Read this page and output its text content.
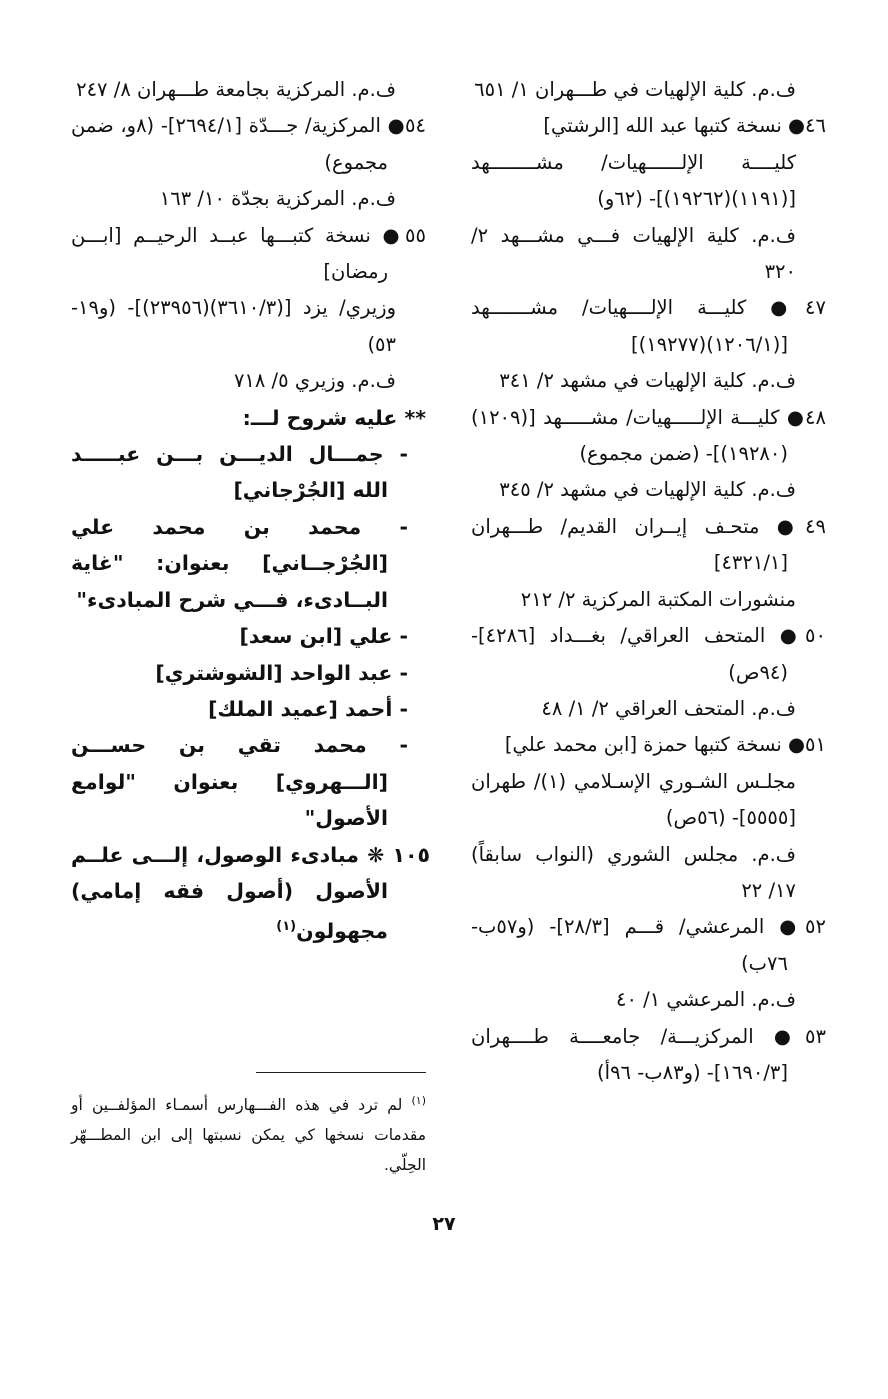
ف.م. كلية الإلهيات في طـــهران ١/ ٦٥١

٤٦● نسخة كتبها عبد الله [الرشتي]

كليــــة الإلــــــهيات/ مشــــــــهد [(١١٩١)(١٩٢٦٢)]- (٦٢و)

ف.م. كلية الإلهيات فـــي مشـــهد ٢/ ٣٢٠

٤٧● كليـــة الإلــــهيات/ مشـــــــهد [(١٢٠٦/١)(١٩٢٧٧)]

ف.م. كلية الإلهيات في مشهد ٢/ ٣٤١

٤٨● كليـــة الإلـــــهيات/ مشـــــهد [(١٢٠٩)(١٩٢٨٠)]- (ضمن مجموع)

ف.م. كلية الإلهيات في مشهد ٢/ ٣٤٥

٤٩● متحـف إيــران القديم/ طـــهران [٤٣٢١/١]

منشورات المكتبة المركزية ٢/ ٢١٢

٥٠● المتحف العراقي/ بغـــداد [٤٢٨٦]- (٩٤ص)

ف.م. المتحف العراقي ٢/ ١/ ٤٨

٥١● نسخة كتبها حمزة [ابن محمد علي]

مجلـس الشـوري الإسـلامي (١)/ طهران [٥٥٥٥]- (٥٦ص)

ف.م. مجلس الشوري (النواب سابقاً) ١٧/ ٢٢

٥٢● المرعشي/ قـــم [٢٨/٣]- (و٥٧ب- ٧٦ب)

ف.م. المرعشي ١/ ٤٠

٥٣● المركزيـــة/ جامعــــة طــــهران [١٦٩٠/٣]- (و٨٣ب- ٩٦أ)

ف.م. المركزية بجامعة طـــهران ٨/ ٢٤٧

٥٤● المركزية/ جـــدّة [٢٦٩٤/١]- (٨و، ضمن مجموع)

ف.م. المركزية بجدّة ١٠/ ١٦٣

٥٥● نسخة كتبـــها عبــد الرحيــم [ابـــن رمضان]

وزيري/ يزد [(٣٦١٠/٣)(٢٣٩٥٦)]- (و١٩- ٥٣)

ف.م. وزيري ٥/ ٧١٨

** عليه شروح لـــ:

- جمـــال الديـــن بـــن عبـــــد الله [الجُرْجاني]

- محمد بن محمد علي [الجُرْجــاني] بعنوان: "غاية البــادىء، فـــي شرح المبادىء"

- علي [ابن سعد]

- عبد الواحد [الشوشتري]

- أحمد [عميد الملك]

- محمد تقي بن حســـن [الـــهروي] بعنوان "لوامع الأصول"

١٠٥ ❋ مبادىء الوصول، إلـــى علــم الأصول (أصول فقه إمامي) مجهولون$^{(١)}$

$^{(١)}$ لم ترد في هذه الفـــهارس أسمـاء المؤلفــين أو مقدمات نسخها كي يمكن نسبتها إلى ابن المطـــهّر الحِلّي.
٢٧
